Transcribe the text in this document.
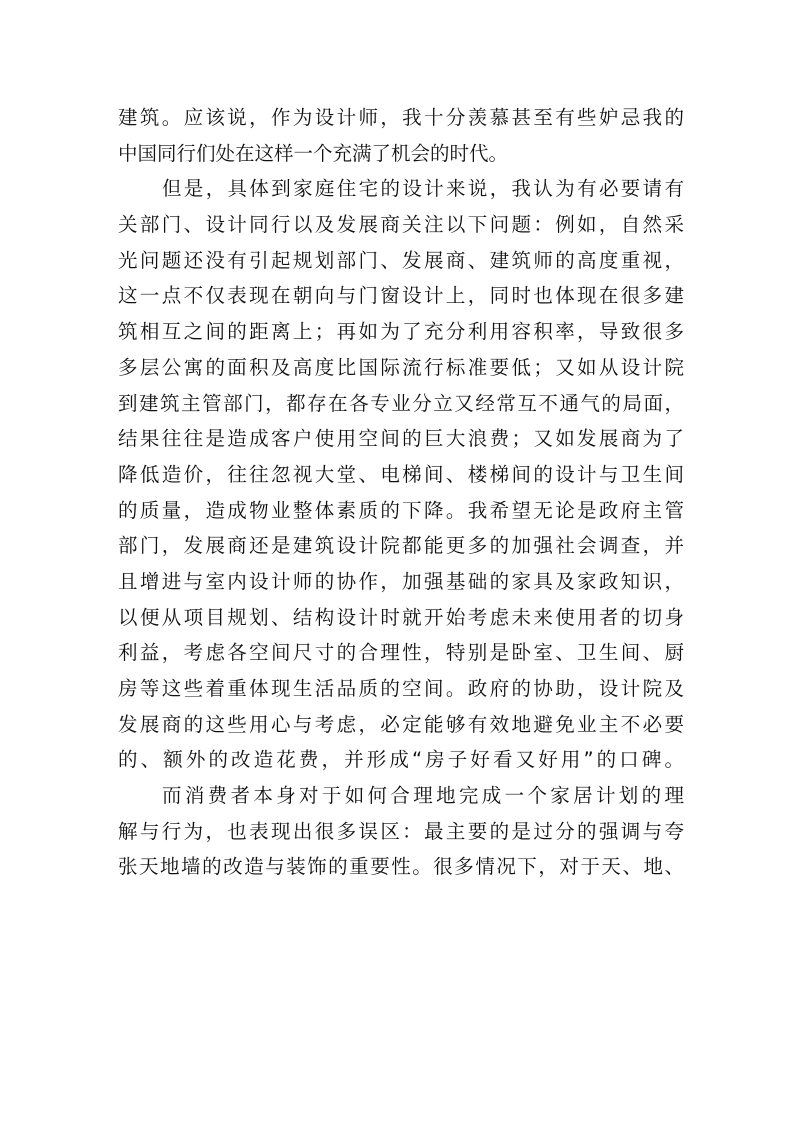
建筑。应该说，作为设计师，我十分羡慕甚至有些妒忌我的
中国同行们处在这样一个充满了机会的时代。
但是，具体到家庭住宅的设计来说，我认为有必要请有
关部门、设计同行以及发展商关注以下问题：例如，自然采
光问题还没有引起规划部门、发展商、建筑师的高度重视，
这一点不仅表现在朝向与门窗设计上，同时也体现在很多建
筑相互之间的距离上；再如为了充分利用容积率，导致很多
多层公寓的面积及高度比国际流行标准要低；又如从设计院
到建筑主管部门，都存在各专业分立又经常互不通气的局面，
结果往往是造成客户使用空间的巨大浪费；又如发展商为了
降低造价，往往忽视大堂、电梯间、楼梯间的设计与卫生间
的质量，造成物业整体素质的下降。我希望无论是政府主管
部门，发展商还是建筑设计院都能更多的加强社会调查，并
且增进与室内设计师的协作，加强基础的家具及家政知识，
以便从项目规划、结构设计时就开始考虑未来使用者的切身
利益，考虑各空间尺寸的合理性，特别是卧室、卫生间、厨
房等这些着重体现生活品质的空间。政府的协助，设计院及
发展商的这些用心与考虑，必定能够有效地避免业主不必要
的、额外的改造花费，并形成“房子好看又好用”的口碑。
而消费者本身对于如何合理地完成一个家居计划的理
解与行为，也表现出很多误区：最主要的是过分的强调与夸
张天地墙的改造与装饰的重要性。很多情况下，对于天、地、
